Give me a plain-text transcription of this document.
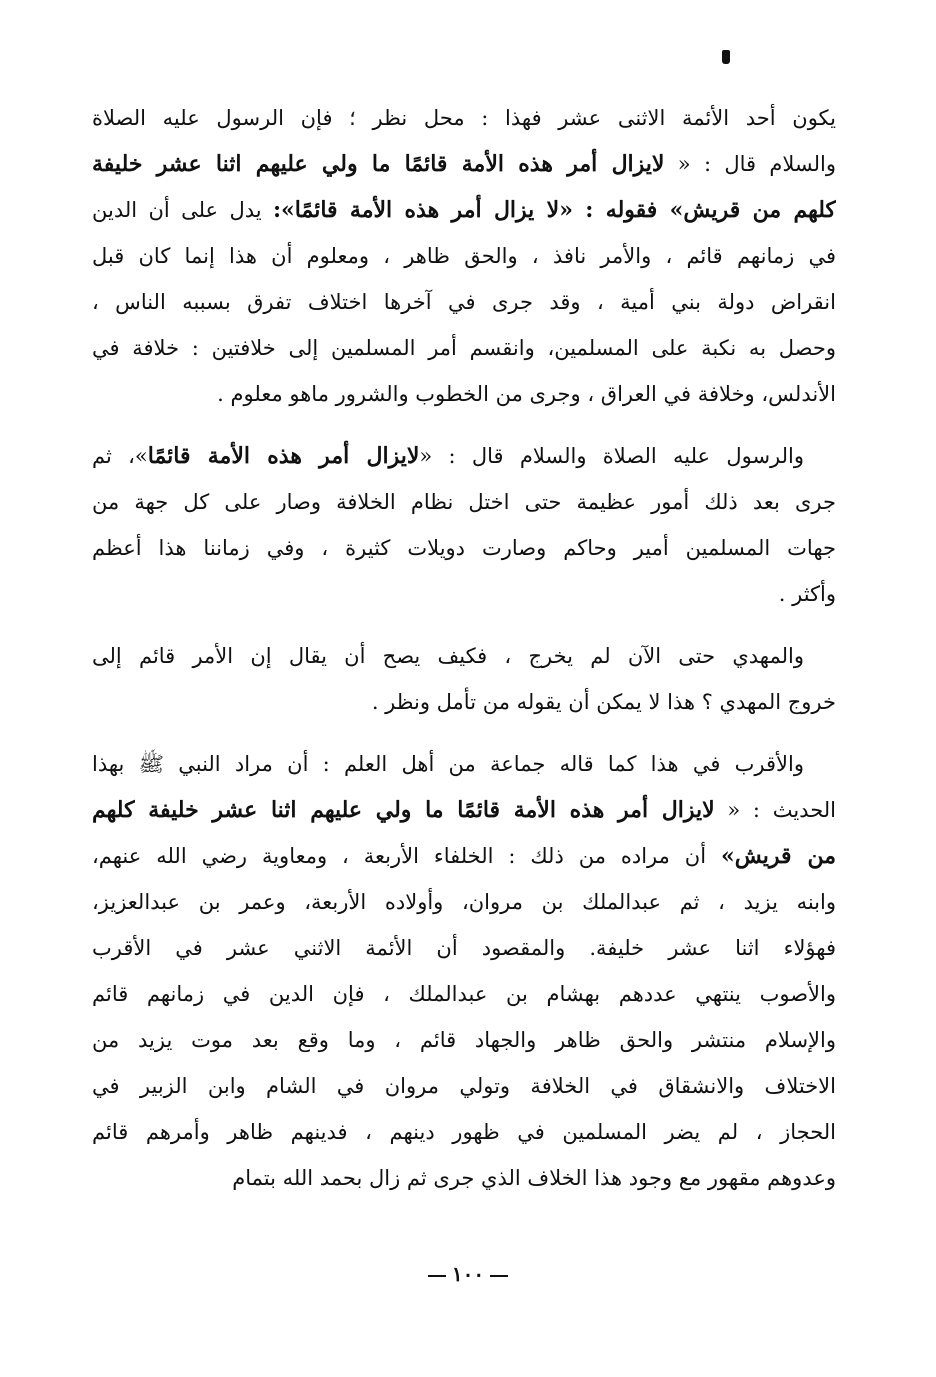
يكون أحد الأئمة الاثنى عشر فهذا : محل نظر ؛ فإن الرسول عليه الصلاة
والسلام قال : « لايزال أمر هذه الأمة قائمًا ما ولي عليهم اثنا عشر خليفة
كلهم من قريش» فقوله : «لا يزال أمر هذه الأمة قائمًا»: يدل على أن الدين
في زمانهم قائم ، والأمر نافذ ، والحق ظاهر ، ومعلوم أن هذا إنما كان قبل
انقراض دولة بني أمية ، وقد جرى في آخرها اختلاف تفرق بسببه الناس ،
وحصل به نكبة على المسلمين، وانقسم أمر المسلمين إلى خلافتين : خلافة في
الأندلس، وخلافة في العراق ، وجرى من الخطوب والشرور ماهو معلوم .
والرسول عليه الصلاة والسلام قال : «لايزال أمر هذه الأمة قائمًا»، ثم
جرى بعد ذلك أمور عظيمة حتى اختل نظام الخلافة وصار على كل جهة من
جهات المسلمين أمير وحاكم وصارت دويلات كثيرة ، وفي زماننا هذا أعظم
وأكثر .
والمهدي حتى الآن لم يخرج ، فكيف يصح أن يقال إن الأمر قائم إلى
خروج المهدي ؟ هذا لا يمكن أن يقوله من تأمل ونظر .
والأقرب في هذا كما قاله جماعة من أهل العلم : أن مراد النبي ﷺ بهذا
الحديث : « لايزال أمر هذه الأمة قائمًا ما ولي عليهم اثنا عشر خليفة كلهم
من قريش» أن مراده من ذلك : الخلفاء الأربعة ، ومعاوية رضي الله عنهم،
وابنه يزيد ، ثم عبدالملك بن مروان، وأولاده الأربعة، وعمر بن عبدالعزيز،
فهؤلاء اثنا عشر خليفة. والمقصود أن الأئمة الاثني عشر في الأقرب
والأصوب ينتهي عددهم بهشام بن عبدالملك ، فإن الدين في زمانهم قائم
والإسلام منتشر والحق ظاهر والجهاد قائم ، وما وقع بعد موت يزيد من
الاختلاف والانشقاق في الخلافة وتولي مروان في الشام وابن الزبير في
الحجاز ، لم يضر المسلمين في ظهور دينهم ، فدينهم ظاهر وأمرهم قائم
وعدوهم مقهور مع وجود هذا الخلاف الذي جرى ثم زال بحمد الله بتمام
١٠٠
